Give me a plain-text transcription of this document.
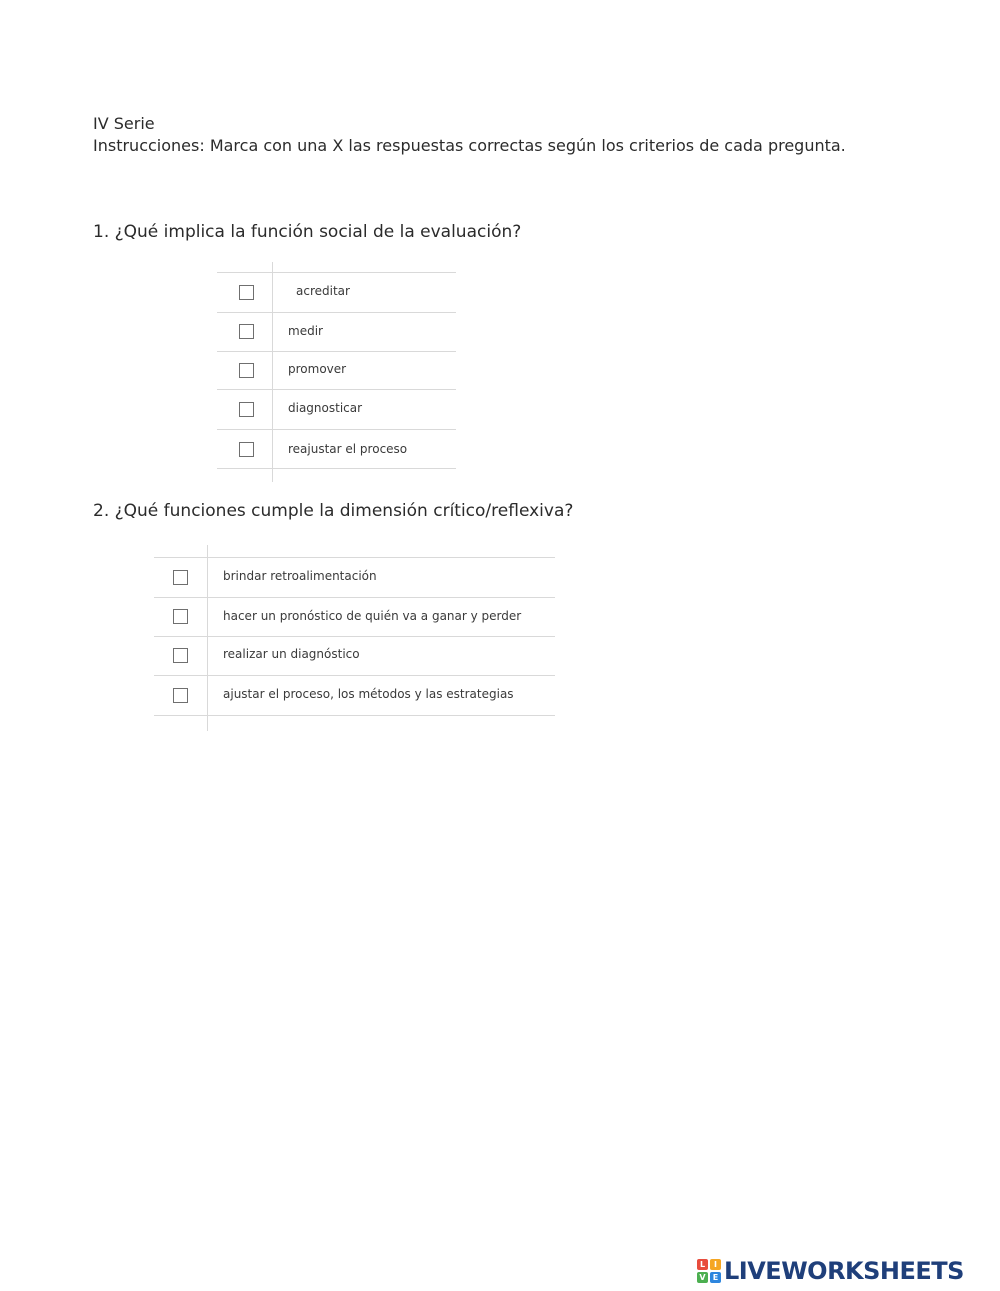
IV Serie
Instrucciones: Marca con una X las respuestas correctas según los criterios de cada pregunta.
1. ¿Qué implica la función social de la evaluación?
acreditar
medir
promover
diagnosticar
reajustar el proceso
2. ¿Qué funciones cumple la dimensión crítico/reflexiva?
brindar retroalimentación
hacer un pronóstico de quién va a ganar y perder
realizar un diagnóstico
ajustar el proceso, los métodos y las estrategias
L	I
V E LIVEWORKSHEETS
